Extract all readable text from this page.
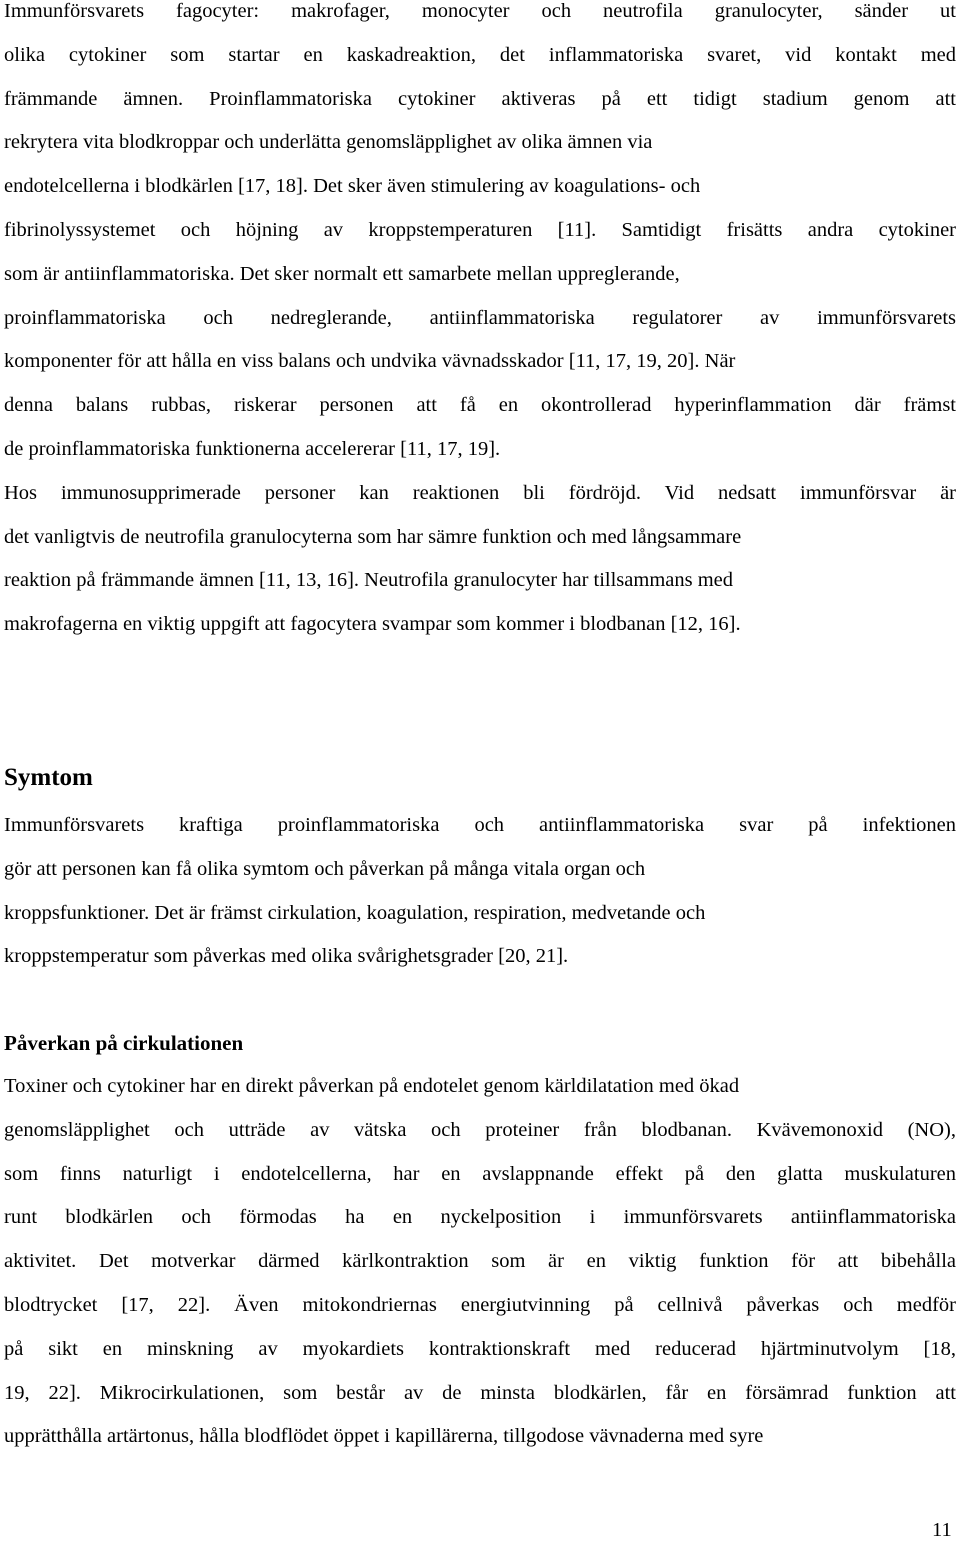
Immunförsvarets fagocyter: makrofager, monocyter och neutrofila granulocyter, sänder ut
olika cytokiner som startar en kaskadreaktion, det inflammatoriska svaret, vid kontakt med
främmande ämnen. Proinflammatoriska cytokiner aktiveras på ett tidigt stadium genom att
rekrytera vita blodkroppar och underlätta genomsläpplighet av olika ämnen via
endotelcellerna i blodkärlen [17, 18]. Det sker även stimulering av koagulations- och
fibrinolyssystemet och höjning av kroppstemperaturen [11]. Samtidigt frisätts andra cytokiner
som är antiinflammatoriska. Det sker normalt ett samarbete mellan uppreglerande,
proinflammatoriska och nedreglerande, antiinflammatoriska regulatorer av immunförsvarets
komponenter för att hålla en viss balans och undvika vävnadsskador [11, 17, 19, 20]. När
denna balans rubbas, riskerar personen att få en okontrollerad hyperinflammation där främst
de proinflammatoriska funktionerna accelererar [11, 17, 19].
Hos immunosupprimerade personer kan reaktionen bli fördröjd. Vid nedsatt immunförsvar är
det vanligtvis de neutrofila granulocyterna som har sämre funktion och med långsammare
reaktion på främmande ämnen [11, 13, 16]. Neutrofila granulocyter har tillsammans med
makrofagerna en viktig uppgift att fagocytera svampar som kommer i blodbanan [12, 16].
Symtom
Immunförsvarets kraftiga proinflammatoriska och antiinflammatoriska svar på infektionen
gör att personen kan få olika symtom och påverkan på många vitala organ och
kroppsfunktioner. Det är främst cirkulation, koagulation, respiration, medvetande och
kroppstemperatur som påverkas med olika svårighetsgrader [20, 21].
Påverkan på cirkulationen
Toxiner och cytokiner har en direkt påverkan på endotelet genom kärldilatation med ökad
genomsläpplighet och utträde av vätska och proteiner från blodbanan. Kvävemonoxid (NO),
som finns naturligt i endotelcellerna, har en avslappnande effekt på den glatta muskulaturen
runt blodkärlen och förmodas ha en nyckelposition i immunförsvarets antiinflammatoriska
aktivitet. Det motverkar därmed kärlkontraktion som är en viktig funktion för att bibehålla
blodtrycket [17, 22]. Även mitokondriernas energiutvinning på cellnivå påverkas och medför
på sikt en minskning av myokardiets kontraktionskraft med reducerad hjärtminutvolym [18,
19, 22]. Mikrocirkulationen, som består av de minsta blodkärlen, får en försämrad funktion att
upprätthålla artärtonus, hålla blodflödet öppet i kapillärerna, tillgodose vävnaderna med syre

11
